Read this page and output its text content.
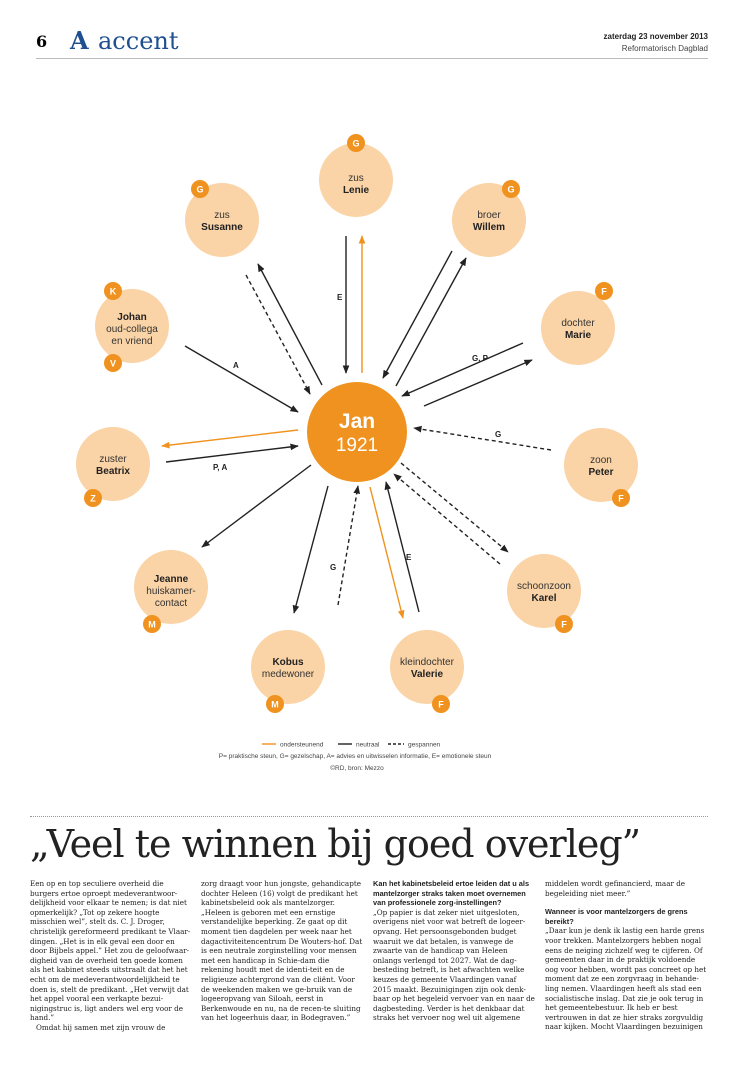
6 A accent	zaterdag 23 november 2013
Reformatorisch Dagblad
E
G, P
G
E
G
P, A
A
Jan
1921
zus
Lenie
G
broer
Willem
G
dochter
Marie
F
zoon
Peter
F
schoonzoon
Karel
F
kleindochter
Valerie
F
Kobus
medewoner
M
Jeanne
huiskamer-
contact
M
zuster
Beatrix
Z
Johan
oud-collega
en vriend
K
V
zus
Susanne
G
ondersteunend	neutraal	gespannen
P= praktische steun, G= gezelschap, A= advies en uitwisselen informatie, E= emotionele steun
©RD, bron: Mezzo
„Veel te winnen bij goed overleg”

Een op en top seculiere overheid die burgers ertoe oproept medeverantwoor-delijkheid voor elkaar te nemen; is dat niet opmerkelijk? „Tot op zekere hoogte misschien wel”, stelt ds. C. J. Droger, christelijk gereformeerd predikant te Vlaar-dingen. „Het is in elk geval een door en door Bijbels appel.” Het zou de geloofwaar-digheid van de overheid ten goede komen als het kabinet steeds uitstraalt dat het het echt om de medeverantwoordelijkheid te doen is, stelt de predikant. „Het verwijt dat het appel vooral een verkapte bezui-nigingstruc is, ligt anders wel erg voor de hand.”

Omdat hij samen met zijn vrouw de

zorg draagt voor hun jongste, gehandicapte dochter Heleen (16) volgt de predikant het kabinetsbeleid ook als mantelzorger. „Heleen is geboren met een ernstige verstandelijke beperking. Ze gaat op dit moment tien dagdelen per week naar het dagactiviteitencentrum De Wouters-hof. Dat is een neutrale zorginstelling voor mensen met een handicap in Schie-dam die rekening houdt met de identi-teit en de religieuze achtergrond van de cliënt. Voor de weekenden maken we ge-bruik van de logeeropvang van Siloah, eerst in Berkenwoude en nu, na de recen-te sluiting van het logeerhuis daar, in Bodegraven.”

Kan het kabinetsbeleid ertoe leiden dat u als mantelzorger straks taken moet overnemen van professionele zorg-instellingen?

„Op papier is dat zeker niet uitgesloten, overigens niet voor wat betreft de logeer-opvang. Het persoonsgebonden budget waaruit we dat betalen, is vanwege de zwaarte van de handicap van Heleen onlangs verlengd tot 2027. Wat de dag-besteding betreft, is het afwachten welke keuzes de gemeente Vlaardingen vanaf 2015 maakt. Bezuinigingen zijn ook denk-baar op het begeleid vervoer van en naar de dagbesteding. Verder is het denkbaar dat straks het vervoer nog wel uit algemene

middelen wordt gefinancierd, maar de begeleiding niet meer.”

Wanneer is voor mantelzorgers de grens bereikt?

„Daar kun je denk ik lastig een harde grens voor trekken. Mantelzorgers hebben nogal eens de neiging zichzelf weg te cijferen. Of gemeenten daar in de praktijk voldoende oog voor hebben, wordt pas concreet op het moment dat ze een zorgvraag in behande-ling nemen. Vlaardingen heeft als stad een socialistische inslag. Dat zie je ook terug in het gemeentebestuur. Ik heb er best vertrouwen in dat ze hier straks zorgvuldig naar kijken. Mocht Vlaardingen bezuinigen
